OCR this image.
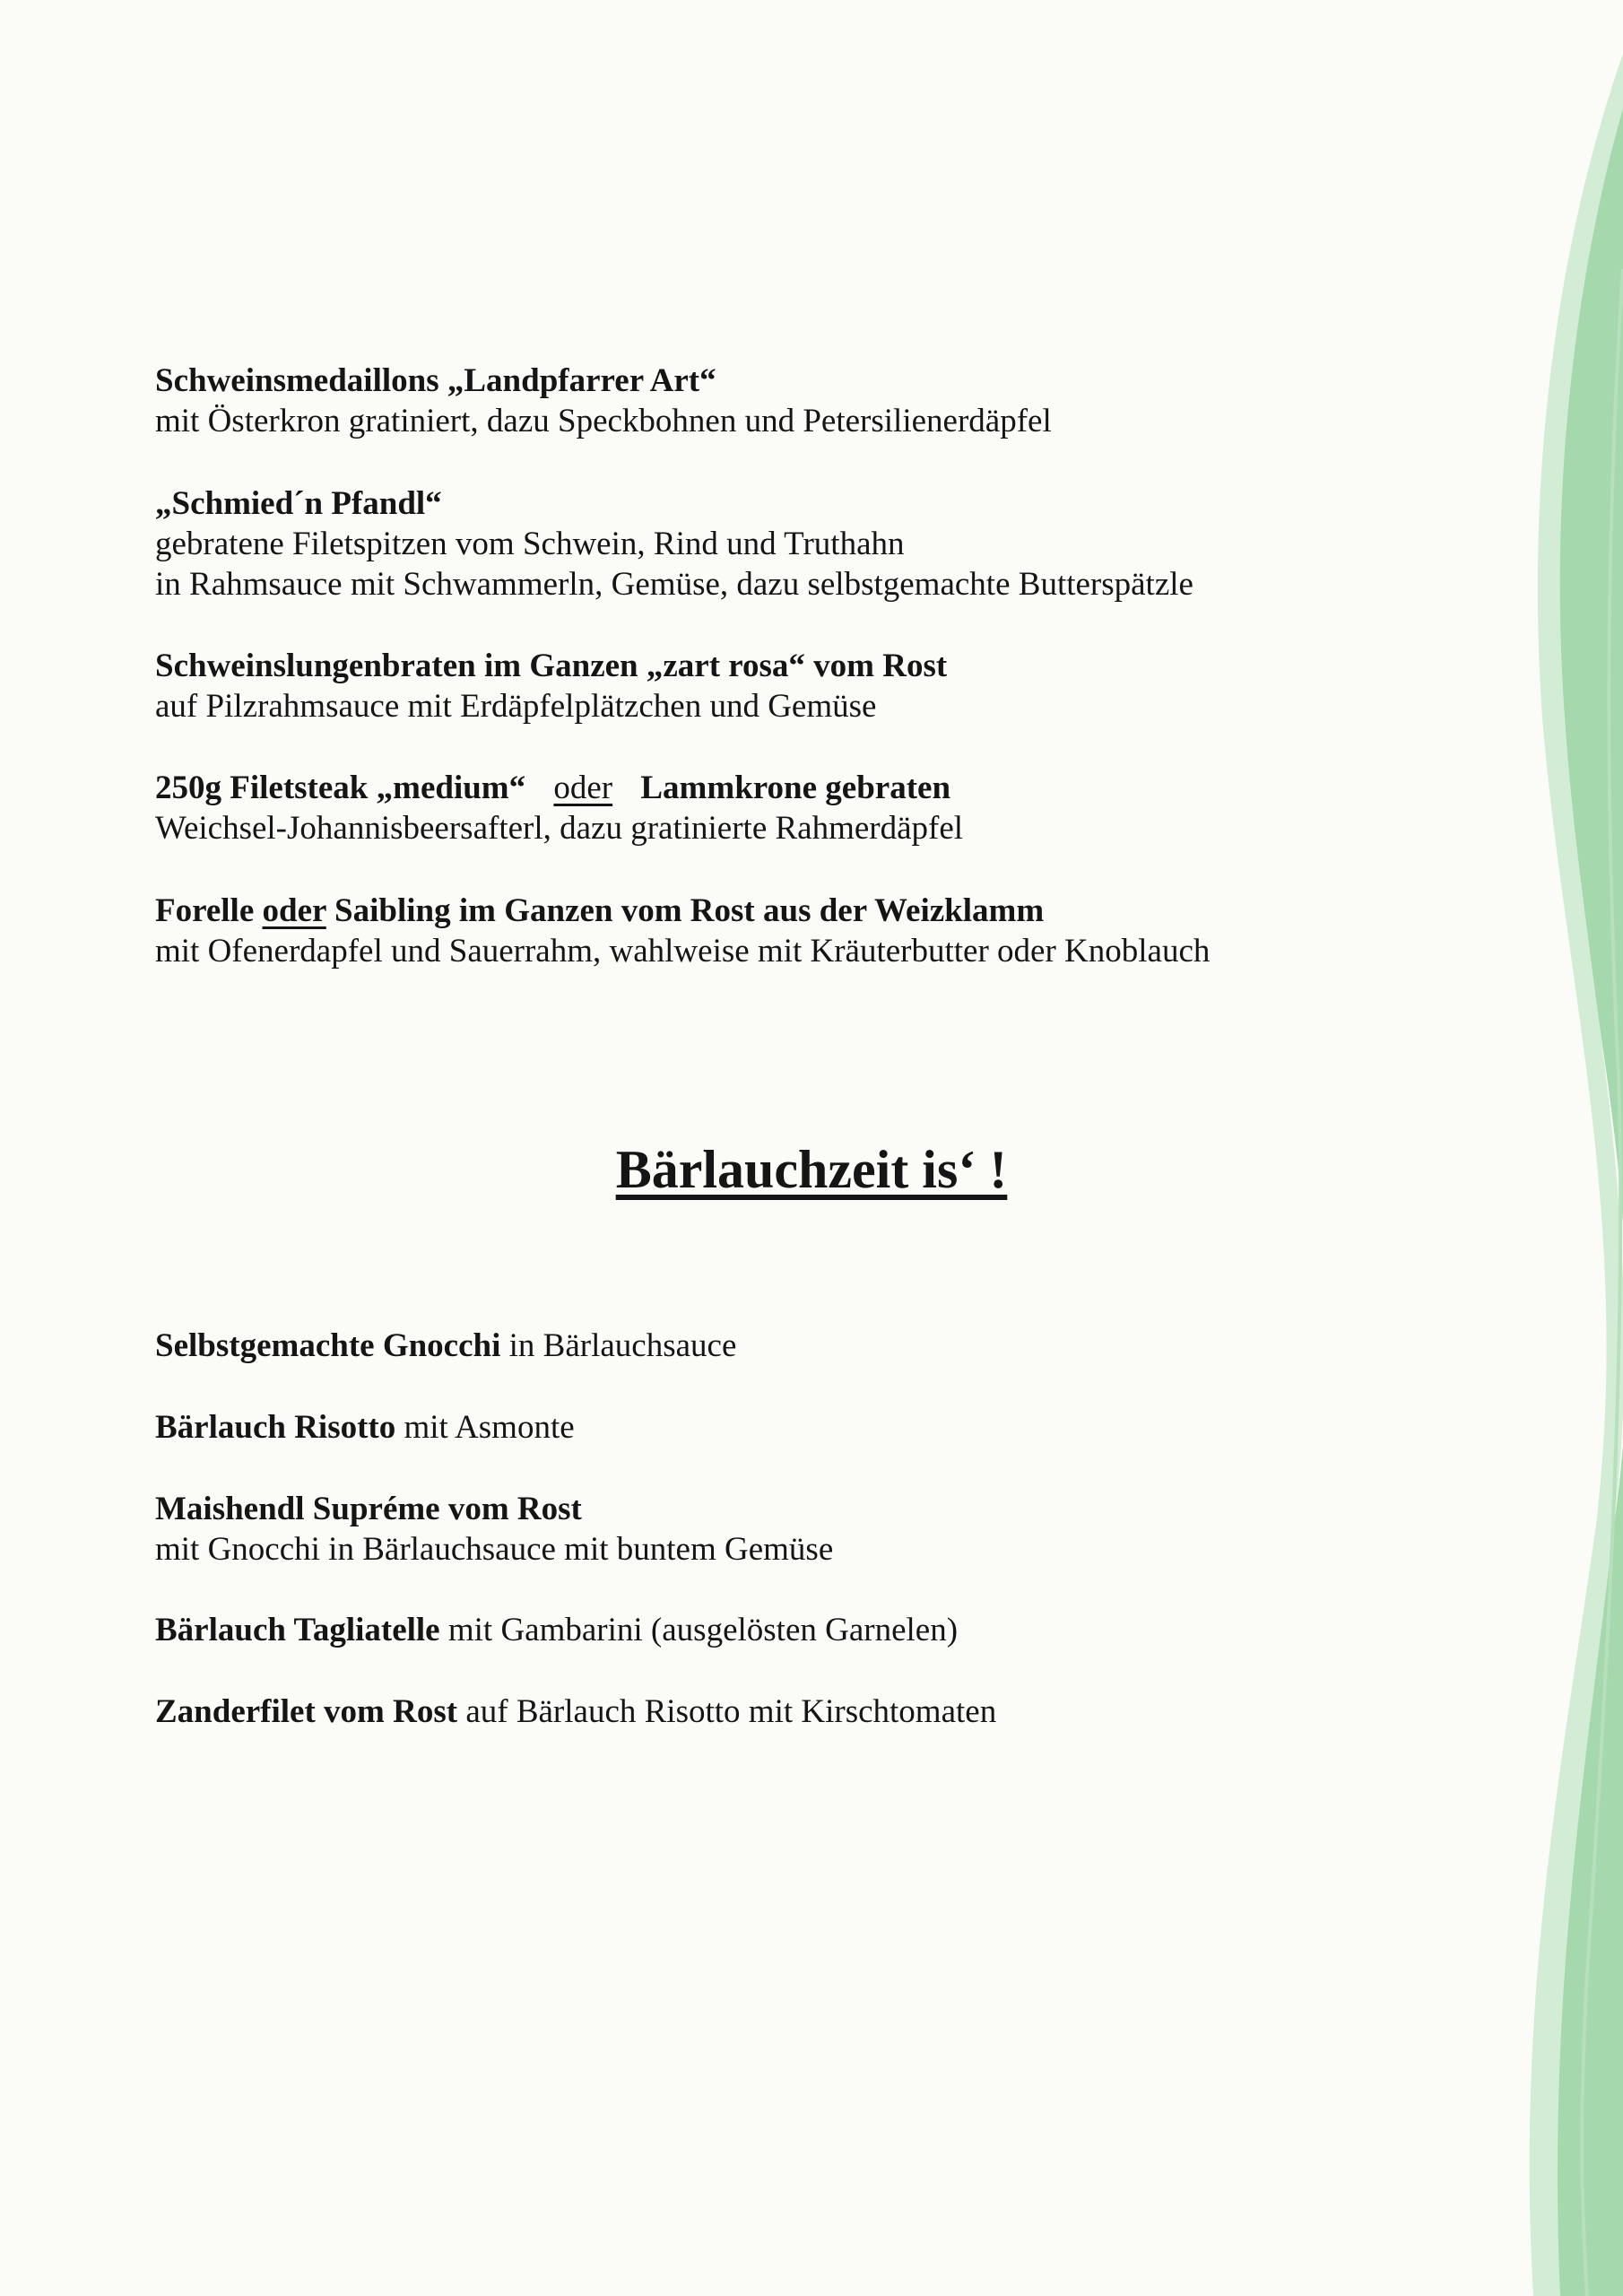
Schweinsmedaillons „Landpfarrer Art“
mit Österkron gratiniert, dazu Speckbohnen und Petersilienerdäpfel
„Schmied´n Pfandl“
gebratene Filetspitzen vom Schwein, Rind und Truthahn
in Rahmsauce mit Schwammerln, Gemüse, dazu selbstgemachte Butterspätzle
Schweinslungenbraten im Ganzen „zart rosa“ vom Rost
auf Pilzrahmsauce mit Erdäpfelplätzchen und Gemüse
250g Filetsteak „medium“ oder Lammkrone gebraten
Weichsel-Johannisbeersafterl, dazu gratinierte Rahmerdäpfel
Forelle oder Saibling im Ganzen vom Rost aus der Weizklamm
mit Ofenerdapfel und Sauerrahm, wahlweise mit Kräuterbutter oder Knoblauch
Bärlauchzeit is‘ !
Selbstgemachte Gnocchi in Bärlauchsauce
Bärlauch Risotto mit Asmonte
Maishendl Supréme vom Rost
mit Gnocchi in Bärlauchsauce mit buntem Gemüse
Bärlauch Tagliatelle mit Gambarini (ausgelösten Garnelen)
Zanderfilet vom Rost auf Bärlauch Risotto mit Kirschtomaten
